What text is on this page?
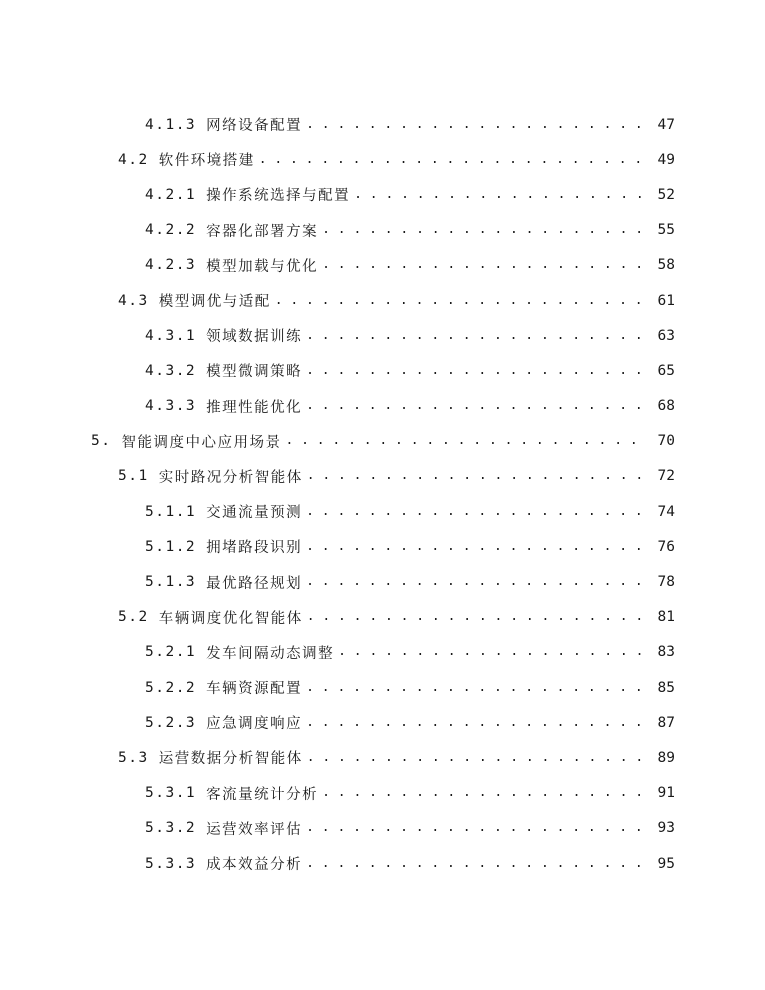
4.1.3 网络设备配置 . . .	47
4.2 软件环境搭建 . . .	49
4.2.1 操作系统选择与配置 . . .	52
4.2.2 容器化部署方案 . . .	55
4.2.3 模型加载与优化 . . .	58
4.3 模型调优与适配 . . .	61
4.3.1 领域数据训练 . . .	63
4.3.2 模型微调策略 . . .	65
4.3.3 推理性能优化 . . .	68
5. 智能调度中心应用场景 . . .	70
5.1 实时路况分析智能体 . . .	72
5.1.1 交通流量预测 . . .	74
5.1.2 拥堵路段识别 . . .	76
5.1.3 最优路径规划 . . .	78
5.2 车辆调度优化智能体 . . .	81
5.2.1 发车间隔动态调整 . . .	83
5.2.2 车辆资源配置 . . .	85
5.2.3 应急调度响应 . . .	87
5.3 运营数据分析智能体 . . .	89
5.3.1 客流量统计分析 . . .	91
5.3.2 运营效率评估 . . .	93
5.3.3 成本效益分析 . . .	95
